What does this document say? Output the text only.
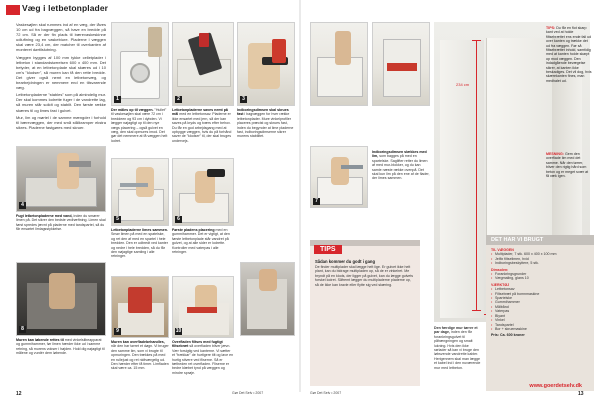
Væg i letbetonplader

Vaskesøjlen skal rummes ind af en væg, der låves 10 cm ud fra bagvæggen, så have en bredde på 72 cm. Så er der fin plads til bærevaskeskinne udluftning og en vaskebiure. Pladerne i væggen skal være 23,4 cm, der matcher til overkanten af monteret dørtilslutning.

Væggen bygges af 100 mm tykke celletplader i letbeton i standardstørrelsen 600 x 400 mm. Det betyder, at en letbetonplade skal skæres ud i 10 cm's "klodser", så muren kan få den rette bredde. Det giver også nemt en letbetonvæg, og bearbejdningen er nemmere end en tilsvarende væg.

Letbetonpladerne "stables" som på almindelig mur. Der skal kommes lodrette fuger i de vandrette lag, så muren står solidt og stabilt. Den første række skæres til og limes fast i gulvet.

Mur, lim og mørtel i de samme mængder i forhold til bærevæggen, der med små stålkramper ekstra sikres. Pladerne fastgøres med skruer.

1
Der måles op til væggen. "Hullet" til vaskesøjlen skal være 72 cm i breddeen og 93 cm i dybden. Vi lægger nøjagtigt op til den nye vægs placering – også gulvet en væg, den skal opmures imod. Det gør det nemmere at få væggen helt lodret.
2
Letbetonpladerne saves nemt på mål med en letbetonsav. Pladerne er ikke ensartet med jern, så der kan saves på kryds og tværs efter behov. Du får en god arbejdsgang med at opbygge væggen, hvis du på forhånd saver de "klodser" til, der skal bruges undervejs.
3
Indboringsdimsen skal skrues fast i bagvæggen for hver række letbetonplader. Mure vinkelprofiler placeres præcist og skrues fast, inden du begynder at lime pladerne fast, indboringsdimserne sikrer murens stabilitet.
4
Fugt letbetonpladerne med vand, inden du smører limen på. Det sikrer den bedste vedhæftning. Limen skal først spredes jævnt på pladerne med tandspartel, så du får ensartet limlagsstykkelse.
5
Letbetonpladerne limes sammen. Smør limen på med en spatelske, og ret den af med en spartel i hele bredden. Den er udbredt ved kanter og nedre i hele bredden, så du får den nøjagtige samling i alle retninger.
6
Første pladens placering med en gummihammer. Det er vigtigt, at den første letbetonplade står vandret på gulvet, og at alle sider er lodrette. Kontroller med vaterpas i alle retninger.
7
Indboringsdimsen slækkes med lim, som bagges på med en spartelske. Saglifter retter du limen af med mur-blokker, og du kan samle næste række ovenpå. Det skal kun lim på den ene af de flader, der limes sammen.
8
Muren kan løbende rettes til med vinkelslibeapparat og gummihammer, før limen hærder ikke ud i samme retning, så murens vokser i højden. Hold dig nøjagtigt til målene og vurdér dem løbende.
9
Muren kan overfladebehandles, når den har tørret et døgn. Vi bruger den samme lim, som vi brugte til opmuringen. Den trækkes på med en rullejust og ret nidtværgelig ud. Den hærder efter få timer. Limfladen skal være ca. 15 mm.
10
Overfladen filtses med fugtigt filtsebræt så overfladen bliver jævn. Vær forsigtig ved kanterne. Vi sætter et "trækkar" de hurtigere tilt og lave en hurtig stivere ved fliserne. Så er tætheden ret overfladen. Fliserne er bedre klæbet tynd på væggen og mindre sprøje.
TIPS
Sådan kommer du godt i gang
De finder multiplader skal lægge helt lige. Er gulvet ikke helt plant, kan du bidrage multipladen op, så de er vinkelret. Me bryndt på en klods, der ligger på gulvet, kan du lægge gulvets forskel lodret. Såfremt lægger du multipladerne pladerne op, så de ikke kan kravle eller flytte sig ved skæring.
234 cm
TIPS: Du får en flot skarp kant ved at holde filtsebrættet ens ende fali ud over kanten og trække det ud fra væggen. Før så filtsebrættet inhold, samtidig med at kanten holde skarpt op mod væggen. Den indadgående bevægelse sikrer, at kanten ikke beskadiges. Det vil dog, hvis skærekanten fines, man medhalet ud.
MESNING: Gem den overflade lim med det samme. Når den tørrer, bliver den rigtig hård som beton og er meget svær at få væk igen.
DET HAR VI BRUGT
TIL VÆGGEN
• Multiplader, 7 stk. 600 x 400 x 100 mm
• Jelfix filtselimen, hvid
• Indboringsbeskyttere, 5 stk.
Dimsolen:
• Forankringsgrunder
• Vægmaling, glans 10
VÆRKTØJ
• Letbetonsav
• Filtsebræt på bomnmaskine
• Spartelske
• Gummihammer
• Målbånd
• Vaterpas
• Blyant
• Vinkel
• Tandspartel
• Bor + skruemaskine
Pris: Ca. 600 kroner
Den færdige mur tørrer et par dage, inden den får forankringsgulvet til påhængningen og smalt lukning. Hvis den ikke rørlader så kan vi bruge den løbsvende vandrette kabler. Herigennem skal man lægge et kabel ind i den nuværende mur med letbeton.
12	Gør Det Selv • 2007	Gør Det Selv • 2007
www.goerdetselv.dk
13
